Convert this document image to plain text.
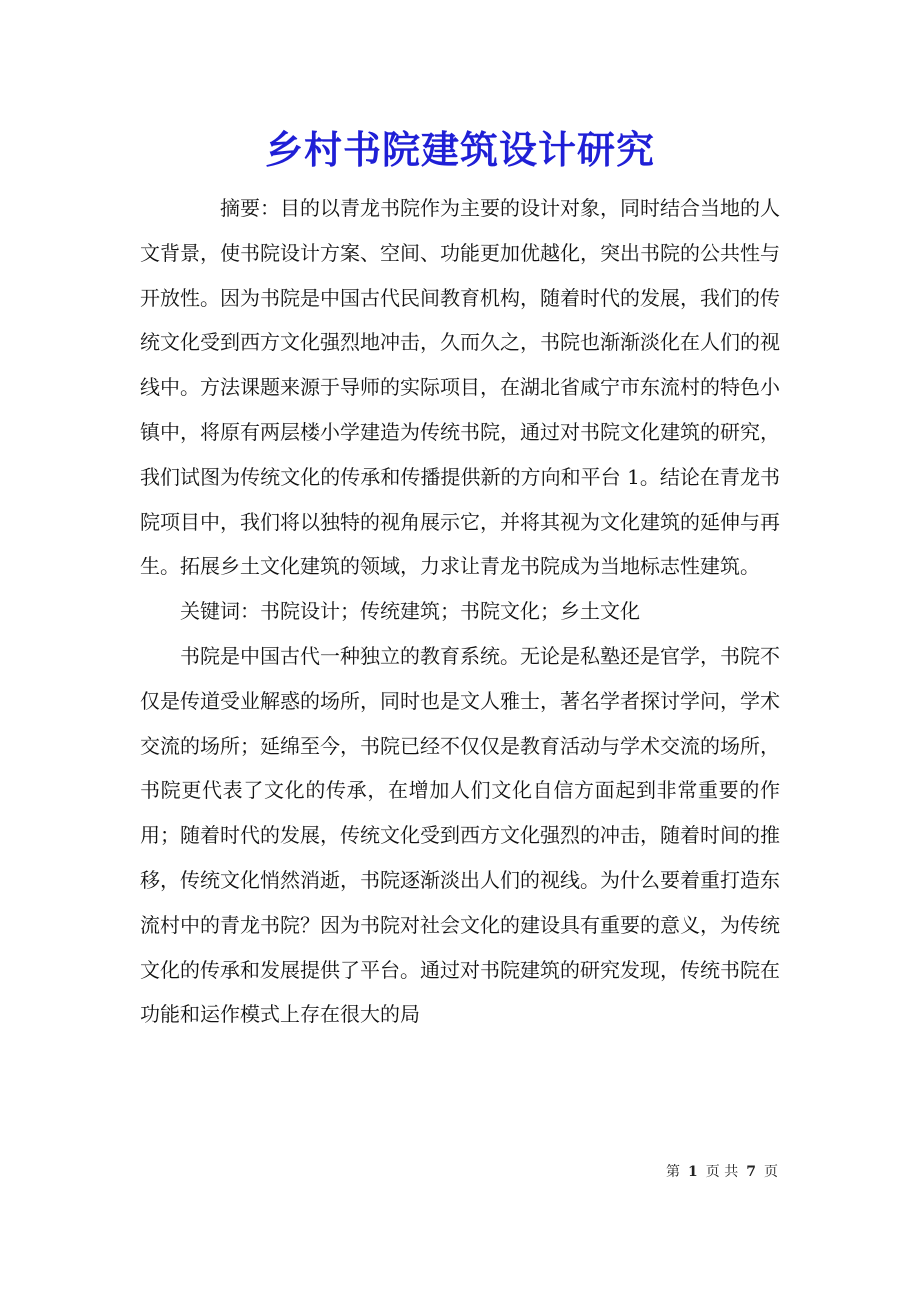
乡村书院建筑设计研究

摘要：目的以青龙书院作为主要的设计对象，同时结合当地的人文背景，使书院设计方案、空间、功能更加优越化，突出书院的公共性与开放性。因为书院是中国古代民间教育机构，随着时代的发展，我们的传统文化受到西方文化强烈地冲击，久而久之，书院也渐渐淡化在人们的视线中。方法课题来源于导师的实际项目，在湖北省咸宁市东流村的特色小镇中，将原有两层楼小学建造为传统书院，通过对书院文化建筑的研究，我们试图为传统文化的传承和传播提供新的方向和平台 1。结论在青龙书院项目中，我们将以独特的视角展示它，并将其视为文化建筑的延伸与再生。拓展乡土文化建筑的领域，力求让青龙书院成为当地标志性建筑。

关键词：书院设计；传统建筑；书院文化；乡土文化

书院是中国古代一种独立的教育系统。无论是私塾还是官学，书院不仅是传道受业解惑的场所，同时也是文人雅士，著名学者探讨学问，学术交流的场所；延绵至今，书院已经不仅仅是教育活动与学术交流的场所，书院更代表了文化的传承，在增加人们文化自信方面起到非常重要的作用；随着时代的发展，传统文化受到西方文化强烈的冲击，随着时间的推移，传统文化悄然消逝，书院逐渐淡出人们的视线。为什么要着重打造东流村中的青龙书院？因为书院对社会文化的建设具有重要的意义，为传统文化的传承和发展提供了平台。通过对书院建筑的研究发现，传统书院在功能和运作模式上存在很大的局

第 1 页 共 7 页
